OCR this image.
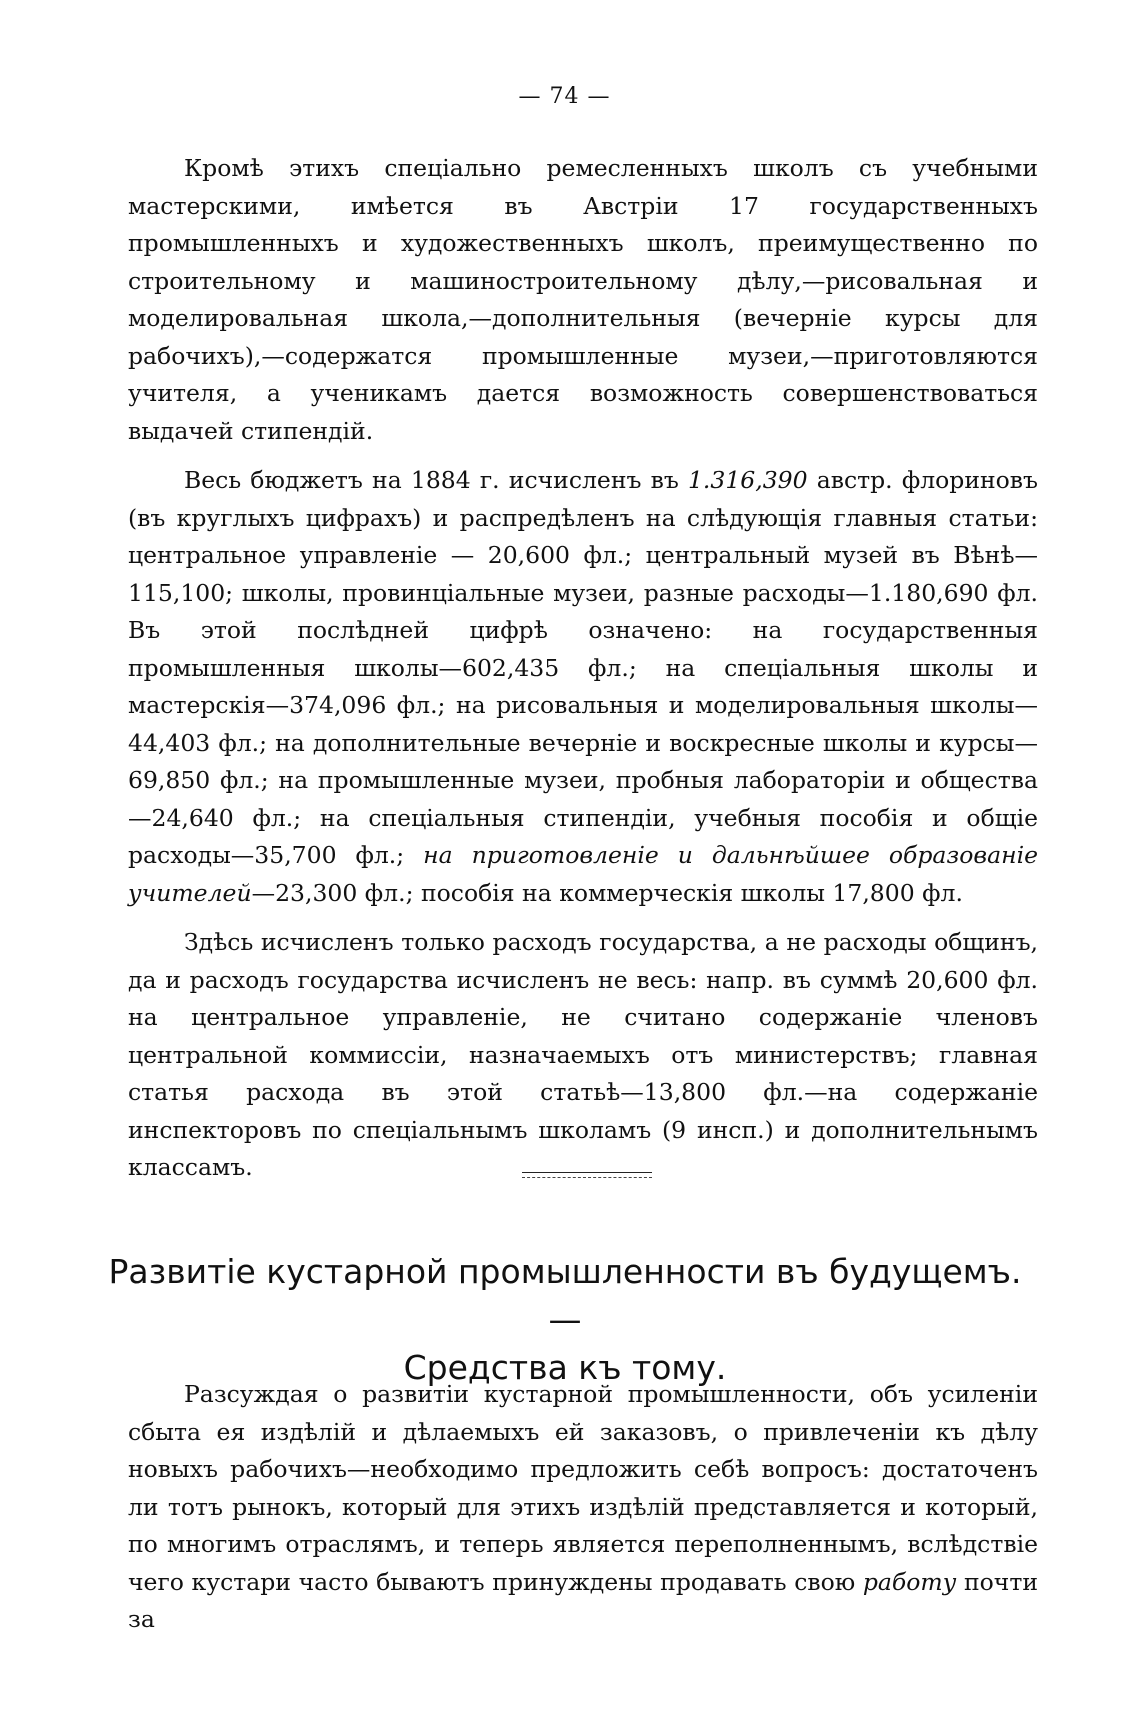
— 74 —

Кромѣ этихъ спеціально ремесленныхъ школъ съ учебными мастерскими, имѣется въ Австріи 17 государственныхъ промышленныхъ и художественныхъ школъ, преимущественно по строительному и машиностроительному дѣлу,—рисовальная и моделировальная школа,—дополнительныя (вечерніе курсы для рабочихъ),—содержатся промышленные музеи,—приготовляются учителя, а ученикамъ дается возможность совершенствоваться выдачей стипендій.

Весь бюджетъ на 1884 г. исчисленъ въ 1.316,390 австр. флориновъ (въ круглыхъ цифрахъ) и распредѣленъ на слѣдующія главныя статьи: центральное управленіе — 20,600 фл.; центральный музей въ Вѣнѣ— 115,100; школы, провинціальные музеи, разные расходы—1.180,690 фл. Въ этой послѣдней цифрѣ означено: на государственныя промышленныя школы—602,435 фл.; на спеціальныя школы и мастерскія—374,096 фл.; на рисовальныя и моделировальныя школы—44,403 фл.; на дополнительные вечерніе и воскресные школы и курсы—69,850 фл.; на промышленные музеи, пробныя лабораторіи и общества—24,640 фл.; на спеціальныя стипендіи, учебныя пособія и общіе расходы—35,700 фл.; на приготовленіе и дальнѣйшее образованіе учителей—23,300 фл.; пособія на коммерческія школы 17,800 фл.

Здѣсь исчисленъ только расходъ государства, а не расходы общинъ, да и расходъ государства исчисленъ не весь: напр. въ суммѣ 20,600 фл. на центральное управленіе, не считано содержаніе членовъ центральной коммиссіи, назначаемыхъ отъ министерствъ; главная статья расхода въ этой статьѣ—13,800 фл.—на содержаніе инспекторовъ по спеціальнымъ школамъ (9 инсп.) и дополнительнымъ классамъ.

Развитіе кустарной промышленности въ будущемъ.—
Средства къ тому.

Разсуждая о развитіи кустарной промышленности, объ усиленіи сбыта ея издѣлій и дѣлаемыхъ ей заказовъ, о привлеченіи къ дѣлу новыхъ рабочихъ—необходимо предложить себѣ вопросъ: достаточенъ ли тотъ рынокъ, который для этихъ издѣлій представляется и который, по многимъ отраслямъ, и теперь является переполненнымъ, вслѣдствіе чего кустари часто бываютъ принуждены продавать свою работу почти за
